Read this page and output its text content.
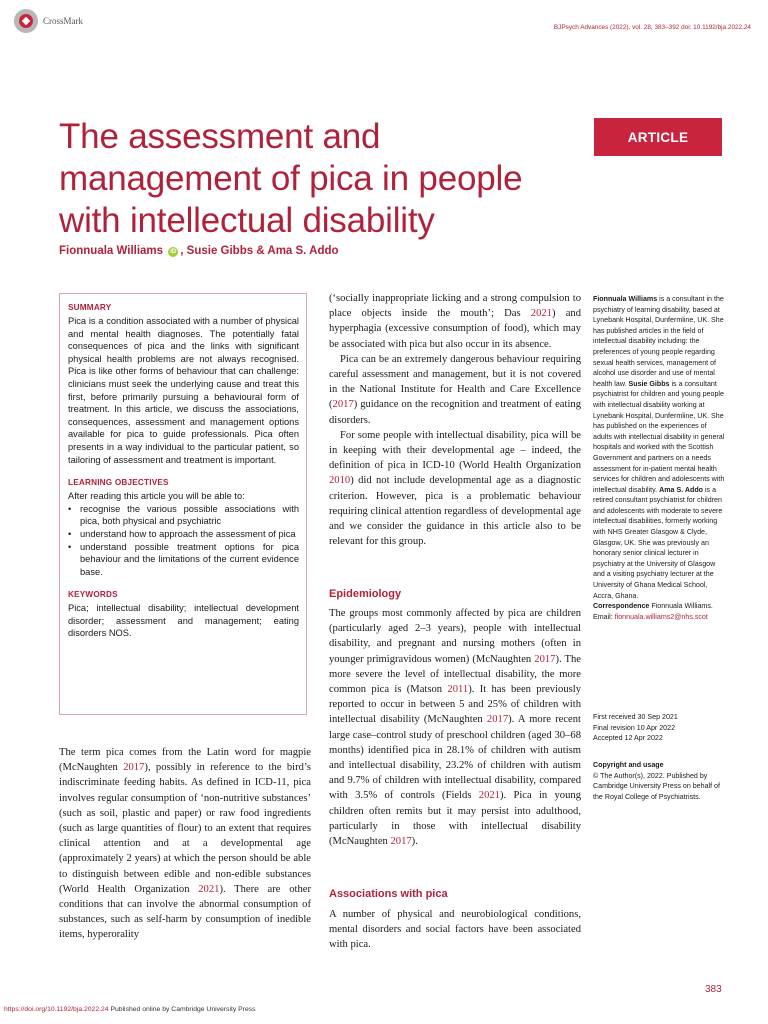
CrossMark
BJPsych Advances (2022), vol. 28, 383–392 doi: 10.1192/bja.2022.24
The assessment and management of pica in people with intellectual disability
ARTICLE
Fionnuala Williams iD , Susie Gibbs & Ama S. Addo

SUMMARY

Pica is a condition associated with a number of physical and mental health diagnoses. The potentially fatal consequences of pica and the links with significant physical health problems are not always recognised. Pica is like other forms of behaviour that can challenge: clinicians must seek the underlying cause and treat this first, before primarily pursuing a behavioural form of treatment. In this article, we discuss the associations, consequences, assessment and management options available for pica to guide professionals. Pica often presents in a way individual to the particular patient, so tailoring of assessment and treatment is important.

LEARNING OBJECTIVES

After reading this article you will be able to:

• recognise the various possible associations with pica, both physical and psychiatric
• understand how to approach the assessment of pica
• understand possible treatment options for pica behaviour and the limitations of the current evidence base.

KEYWORDS

Pica; intellectual disability; intellectual development disorder; assessment and management; eating disorders NOS.

The term pica comes from the Latin word for magpie (McNaughten 2017), possibly in reference to the bird’s indiscriminate feeding habits. As defined in ICD-11, pica involves regular consumption of ‘non-nutritive substances’ (such as soil, plastic and paper) or raw food ingredients (such as large quantities of flour) to an extent that requires clinical attention and at a developmental age (approximately 2 years) at which the person should be able to distinguish between edible and non-edible substances (World Health Organization 2021). There are other conditions that can involve the abnormal consumption of substances, such as self-harm by consumption of inedible items, hyperorality

(‘socially inappropriate licking and a strong compulsion to place objects inside the mouth’; Das 2021) and hyperphagia (excessive consumption of food), which may be associated with pica but also occur in its absence.

Pica can be an extremely dangerous behaviour requiring careful assessment and management, but it is not covered in the National Institute for Health and Care Excellence (2017) guidance on the recognition and treatment of eating disorders.

For some people with intellectual disability, pica will be in keeping with their developmental age – indeed, the definition of pica in ICD-10 (World Health Organization 2010) did not include developmental age as a diagnostic criterion. However, pica is a problematic behaviour requiring clinical attention regardless of developmental age and we consider the guidance in this article also to be relevant for this group.

Epidemiology

The groups most commonly affected by pica are children (particularly aged 2–3 years), people with intellectual disability, and pregnant and nursing mothers (often in younger primigravidous women) (McNaughten 2017). The more severe the level of intellectual disability, the more common pica is (Matson 2011). It has been previously reported to occur in between 5 and 25% of children with intellectual disability (McNaughten 2017). A more recent large case–control study of preschool children (aged 30–68 months) identified pica in 28.1% of children with autism and intellectual disability, 23.2% of children with autism and 9.7% of children with intellectual disability, compared with 3.5% of controls (Fields 2021). Pica in young children often remits but it may persist into adulthood, particularly in those with intellectual disability (McNaughten 2017).

Associations with pica

A number of physical and neurobiological conditions, mental disorders and social factors have been associated with pica.

Fionnuala Williams is a consultant in the psychiatry of learning disability, based at Lynebank Hospital, Dunfermline, UK. She has published articles in the field of intellectual disability including: the preferences of young people regarding sexual health services, management of alcohol use disorder and use of mental health law. Susie Gibbs is a consultant psychiatrist for children and young people with intellectual disability working at Lynebank Hospital, Dunfermline, UK. She has published on the experiences of adults with intellectual disability in general hospitals and worked with the Scottish Government and partners on a needs assessment for in-patient mental health services for children and adolescents with intellectual disability. Ama S. Addo is a retired consultant psychiatrist for children and adolescents with moderate to severe intellectual disabilities, formerly working with NHS Greater Glasgow & Clyde, Glasgow, UK. She was previously an honorary senior clinical lecturer in psychiatry at the University of Glasgow and a visiting psychiatry lecturer at the University of Ghana Medical School, Accra, Ghana.

Correspondence Fionnuala Williams.

Email: fionnuala.williams2@nhs.scot

First received 30 Sep 2021

Final revision 10 Apr 2022

Accepted 12 Apr 2022

Copyright and usage

© The Author(s), 2022. Published by Cambridge University Press on behalf of the Royal College of Psychiatrists.

383
https://doi.org/10.1192/bja.2022.24 Published online by Cambridge University Press
